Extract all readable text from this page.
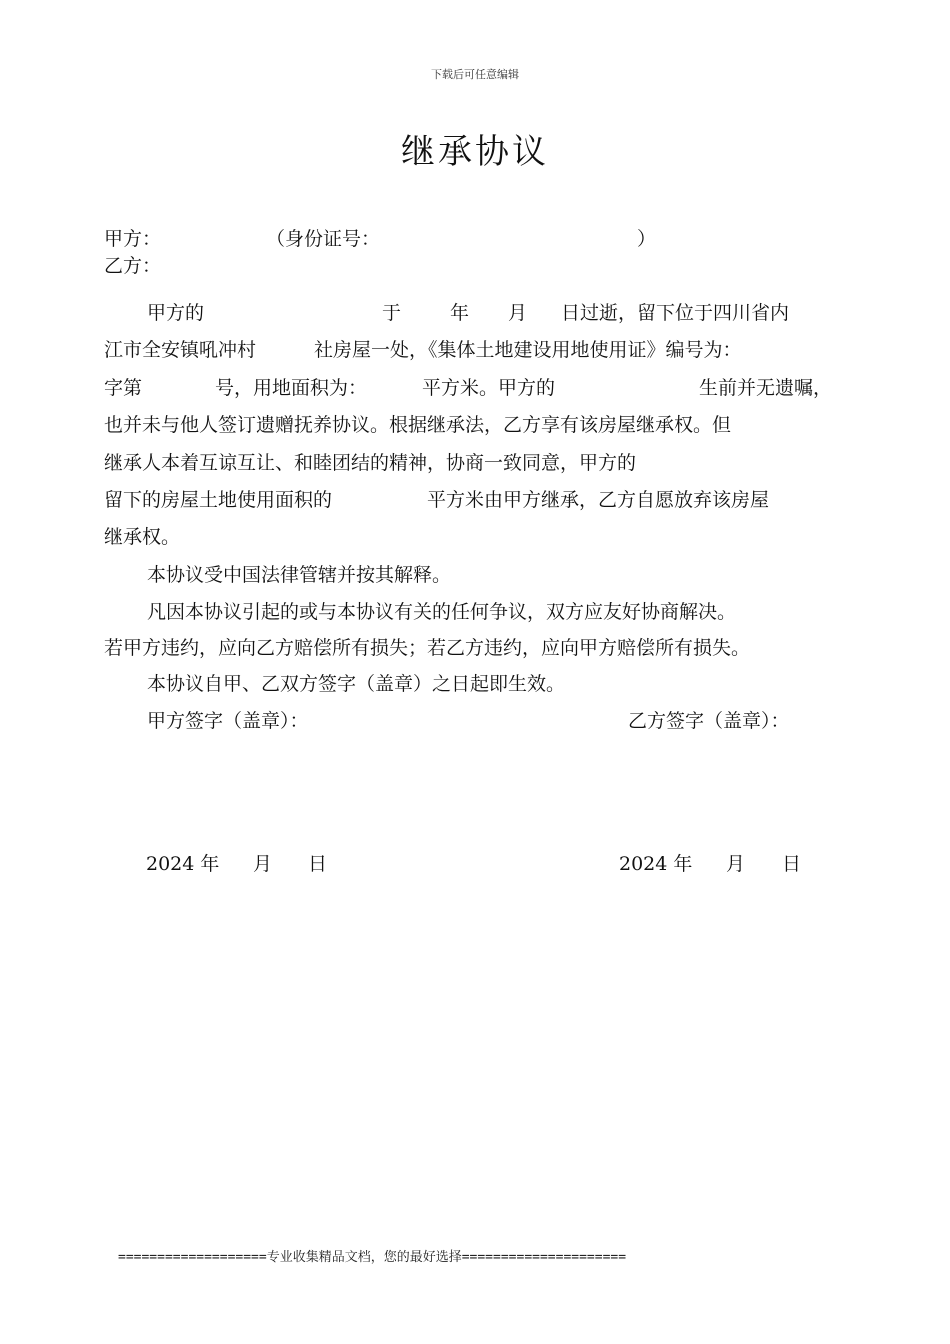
下载后可任意编辑
继承协议
甲方：	（身份证号：	）
乙方：
甲方的	于	年 月 日过逝，留下位于四川省内
江市全安镇吼冲村	社房屋一处，《集体土地建设用地使用证》编号为：
字第	号，用地面积为：	平方米。甲方的	生前并无遗嘱，
也并未与他人签订遗赠抚养协议。根据继承法，乙方享有该房屋继承权。但
继承人本着互谅互让、和睦团结的精神，协商一致同意，甲方的
留下的房屋土地使用面积的	平方米由甲方继承，乙方自愿放弃该房屋
继承权。
本协议受中国法律管辖并按其解释。
凡因本协议引起的或与本协议有关的任何争议，双方应友好协商解决。
若甲方违约，应向乙方赔偿所有损失；若乙方违约，应向甲方赔偿所有损失。
本协议自甲、乙双方签字（盖章）之日起即生效。
甲方签字（盖章）：	乙方签字（盖章）：
2024 年 月 日	2024 年 月 日
===================专业收集精品文档，您的最好选择=====================
